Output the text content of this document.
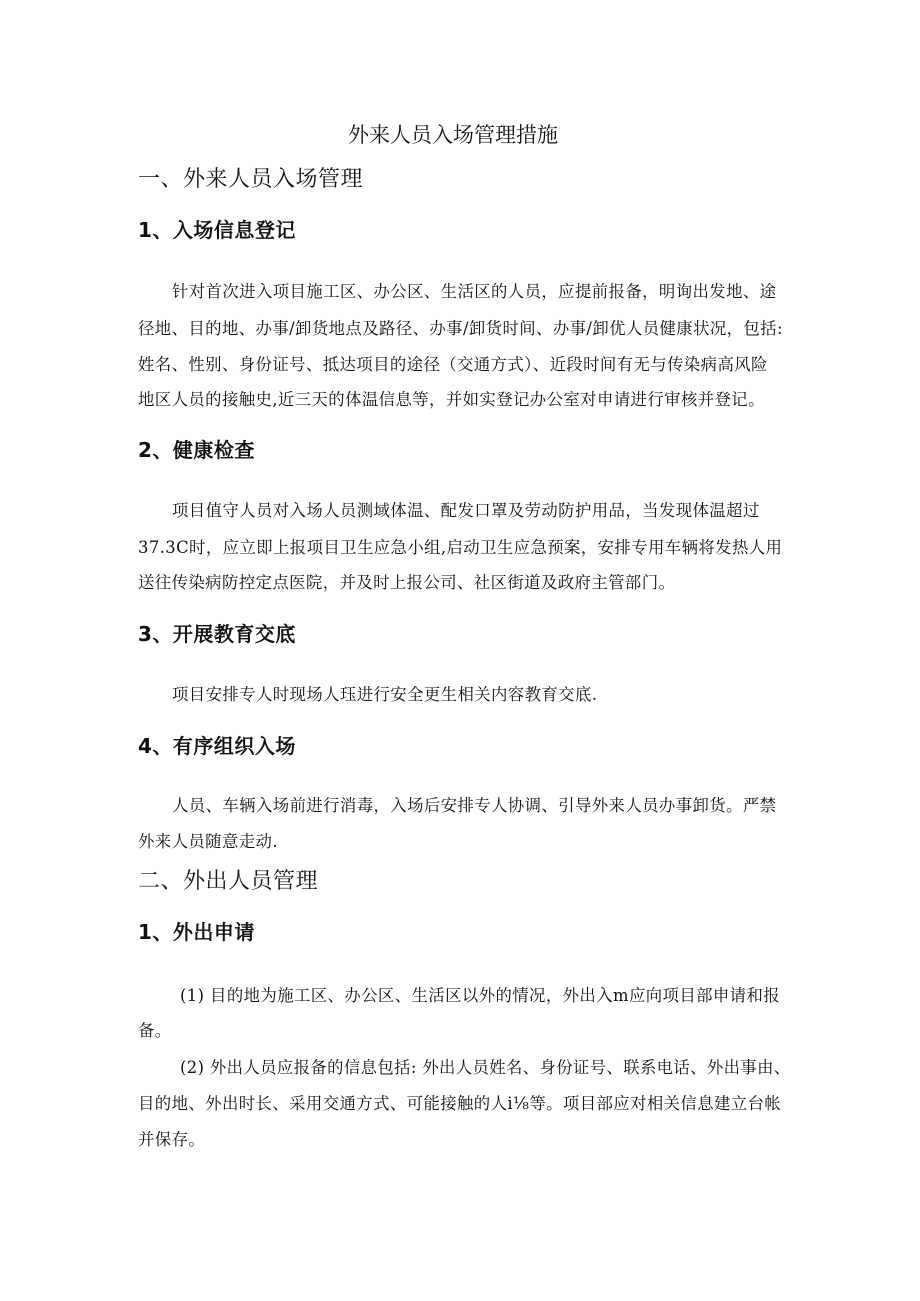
外来人员入场管理措施
一、外来人员入场管理
1、入场信息登记
针对首次进入项目施工区、办公区、生活区的人员，应提前报备，明询出发地、途
径地、目的地、办事/卸货地点及路径、办事/卸货时间、办事/卸优人员健康状况，包括:
姓名、性别、身份证号、抵达项目的途径（交通方式）、近段时间有无与传染病高风险
地区人员的接触史,近三天的体温信息等，并如实登记办公室对申请进行审核并登记。
2、健康检查
项目值守人员对入场人员测域体温、配发口罩及劳动防护用品，当发现体温超过
37.3C时，应立即上报项目卫生应急小组,启动卫生应急预案，安排专用车辆将发热人用
送往传染病防控定点医院，并及时上报公司、社区街道及政府主管部门。
3、开展教育交底
项目安排专人时现场人珏进行安全更生相关内容教育交底.
4、有序组织入场
人员、车辆入场前进行消毒，入场后安排专人协调、引导外来人员办事卸货。严禁
外来人员随意走动.
二、外出人员管理
1、外出申请
(1) 目的地为施工区、办公区、生活区以外的情况，外出入m应向项目部申请和报
备。
(2) 外出人员应报备的信息包括: 外出人员姓名、身份证号、联系电话、外出事由、
目的地、外出时长、采用交通方式、可能接触的人i⅛等。项目部应对相关信息建立台帐
并保存。
